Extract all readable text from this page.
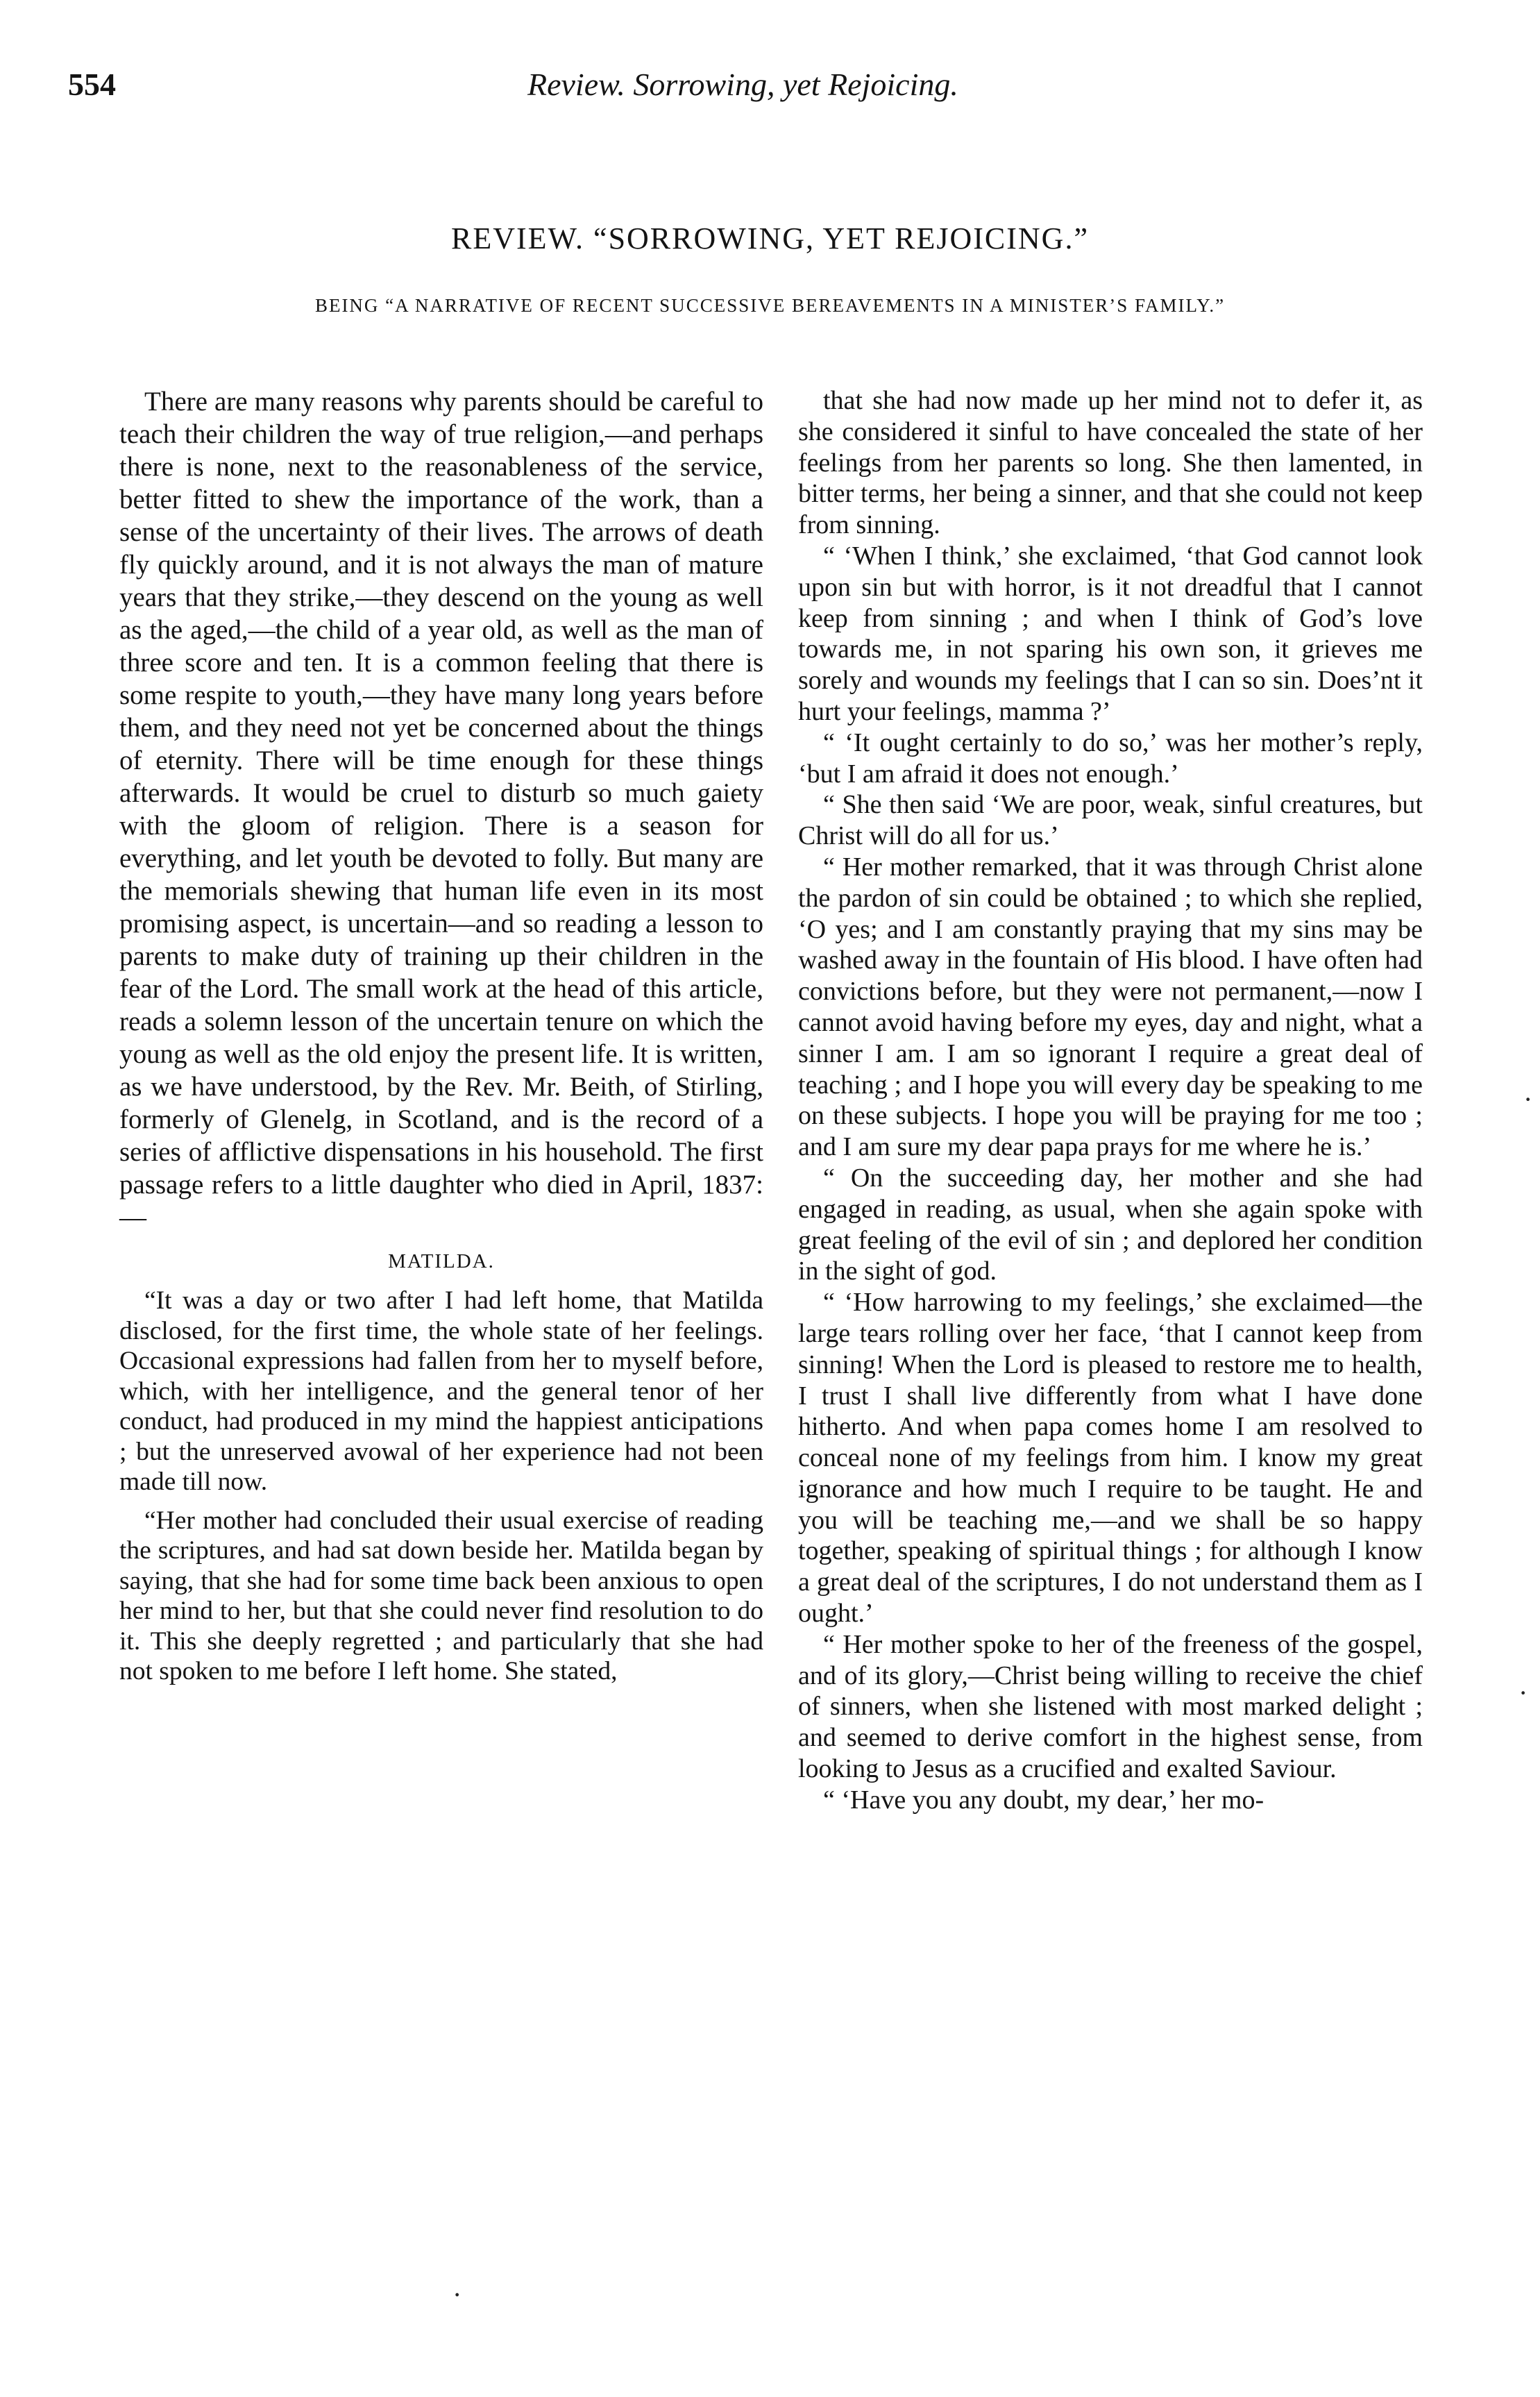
554	Review. Sorrowing, yet Rejoicing.
REVIEW. “SORROWING, YET REJOICING.”
BEING “A NARRATIVE OF RECENT SUCCESSIVE BEREAVEMENTS IN A MINISTER’S FAMILY.”

There are many reasons why parents should be careful to teach their children the way of true religion,—and perhaps there is none, next to the reasonableness of the service, better fitted to shew the importance of the work, than a sense of the uncertainty of their lives. The arrows of death fly quickly around, and it is not always the man of mature years that they strike,—they descend on the young as well as the aged,—the child of a year old, as well as the man of three score and ten. It is a common feeling that there is some respite to youth,—they have many long years before them, and they need not yet be concerned about the things of eternity. There will be time enough for these things afterwards. It would be cruel to disturb so much gaiety with the gloom of religion. There is a season for everything, and let youth be devoted to folly. But many are the memorials shewing that human life even in its most promising aspect, is uncertain—and so reading a lesson to parents to make duty of training up their children in the fear of the Lord. The small work at the head of this article, reads a solemn lesson of the uncertain tenure on which the young as well as the old enjoy the present life. It is written, as we have understood, by the Rev. Mr. Beith, of Stirling, formerly of Glenelg, in Scotland, and is the record of a series of afflictive dispensations in his household. The first passage refers to a little daughter who died in April, 1837:—

MATILDA.

“It was a day or two after I had left home, that Matilda disclosed, for the first time, the whole state of her feelings. Occasional expressions had fallen from her to myself before, which, with her intelligence, and the general tenor of her conduct, had produced in my mind the happiest anticipations ; but the unreserved avowal of her experience had not been made till now.

“Her mother had concluded their usual exercise of reading the scriptures, and had sat down beside her. Matilda began by saying, that she had for some time back been anxious to open her mind to her, but that she could never find resolution to do it. This she deeply regretted ; and particularly that she had not spoken to me before I left home. She stated,

that she had now made up her mind not to defer it, as she considered it sinful to have concealed the state of her feelings from her parents so long. She then lamented, in bitter terms, her being a sinner, and that she could not keep from sinning.

“ ‘When I think,’ she exclaimed, ‘that God cannot look upon sin but with horror, is it not dreadful that I cannot keep from sinning ; and when I think of God’s love towards me, in not sparing his own son, it grieves me sorely and wounds my feelings that I can so sin. Does’nt it hurt your feelings, mamma ?’

“ ‘It ought certainly to do so,’ was her mother’s reply, ‘but I am afraid it does not enough.’

“ She then said ‘We are poor, weak, sinful creatures, but Christ will do all for us.’

“ Her mother remarked, that it was through Christ alone the pardon of sin could be obtained ; to which she replied, ‘O yes; and I am constantly praying that my sins may be washed away in the fountain of His blood. I have often had convictions before, but they were not permanent,—now I cannot avoid having before my eyes, day and night, what a sinner I am. I am so ignorant I require a great deal of teaching ; and I hope you will every day be speaking to me on these subjects. I hope you will be praying for me too ; and I am sure my dear papa prays for me where he is.’

“ On the succeeding day, her mother and she had engaged in reading, as usual, when she again spoke with great feeling of the evil of sin ; and deplored her condition in the sight of god.

“ ‘How harrowing to my feelings,’ she exclaimed—the large tears rolling over her face, ‘that I cannot keep from sinning! When the Lord is pleased to restore me to health, I trust I shall live differently from what I have done hitherto. And when papa comes home I am resolved to conceal none of my feelings from him. I know my great ignorance and how much I require to be taught. He and you will be teaching me,—and we shall be so happy together, speaking of spiritual things ; for although I know a great deal of the scriptures, I do not understand them as I ought.’

“ Her mother spoke to her of the freeness of the gospel, and of its glory,—Christ being willing to receive the chief of sinners, when she listened with most marked delight ; and seemed to derive comfort in the highest sense, from looking to Jesus as a crucified and exalted Saviour.

“ ‘Have you any doubt, my dear,’ her mo-

·
·
·
